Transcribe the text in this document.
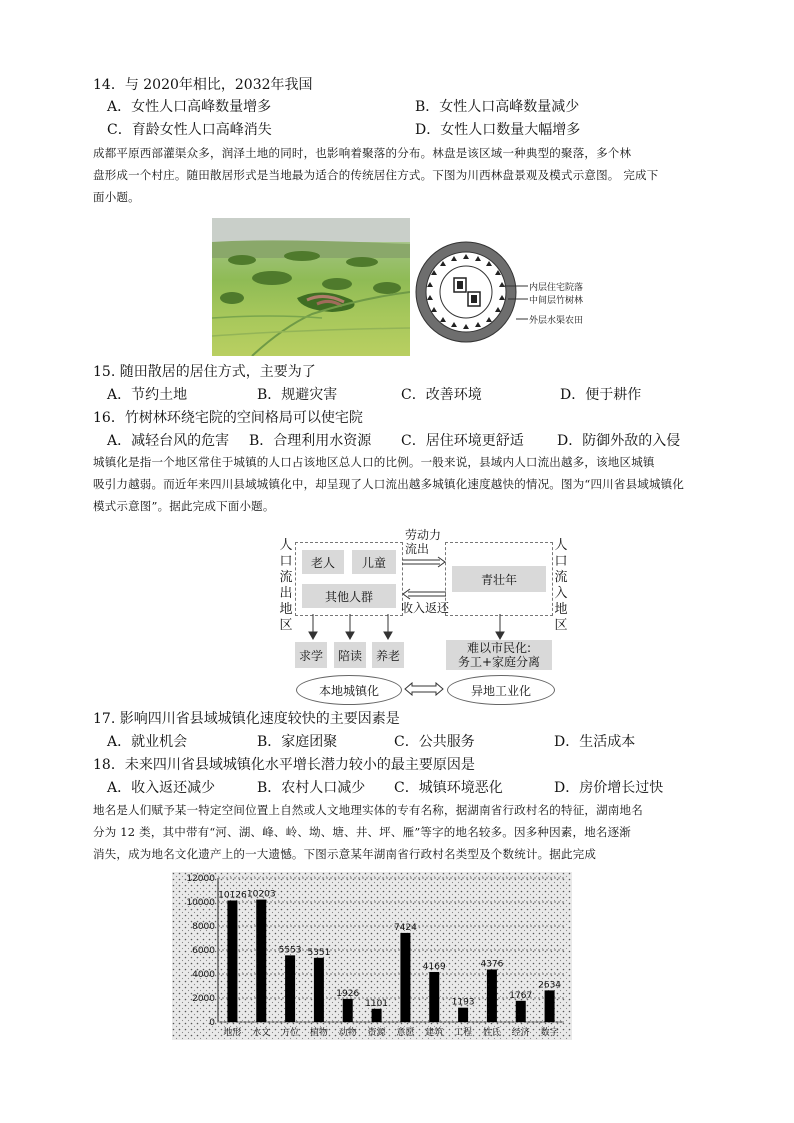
14．与 2020年相比，2032年我国
A．女性人口高峰数量增多	B．女性人口高峰数量减少
C．育龄女性人口高峰消失	D．女性人口数量大幅增多
成都平原西部灌渠众多，润泽土地的同时，也影响着聚落的分布。林盘是该区域一种典型的聚落，多个林
盘形成一个村庄。随田散居形式是当地最为适合的传统居住方式。下图为川西林盘景观及模式示意图。 完成下
面小题。
内层住宅院落
中间层竹树林
外层水渠农田
15. 随田散居的居住方式，主要为了
A．节约土地	B．规避灾害	C．改善环境	D．便于耕作
16．竹树林环绕宅院的空间格局可以使宅院
A．减轻台风的危害 B．合理利用水资源 C．居住环境更舒适 D．防御外敌的入侵
城镇化是指一个地区常住于城镇的人口占该地区总人口的比例。一般来说，县域内人口流出越多，该地区城镇
吸引力越弱。而近年来四川县域城镇化中，却呈现了人口流出越多城镇化速度越快的情况。图为“四川省县域城镇化
模式示意图”。据此完成下面小题。
人口流出地区
人口流入地区
老人	儿童
其他人群
青壮年
劳动力流出
收入返还
求学	陪读	养老
难以市民化:
务工+家庭分离
本地城镇化	异地工业化
17. 影响四川省县域城镇化速度较快的主要因素是
A．就业机会	B．家庭团聚	C．公共服务	D．生活成本
18．未来四川省县域城镇化水平增长潜力较小的最主要原因是
A．收入返还减少	B．农村人口减少 C．城镇环境恶化	D．房价增长过快
地名是人们赋予某一特定空间位置上自然或人文地理实体的专有名称，据湖南省行政村名的特征，湖南地名
分为 12 类，其中带有“河、湖、峰、岭、坳、塘、井、坪、雁”等字的地名较多。因多种因素，地名逐渐
消失，成为地名文化遗产上的一大遗憾。下图示意某年湖南省行政村名类型及个数统计。据此完成
0
2000
4000
6000
8000
10000
12000
10126
地形
10203
水文
5553
方位
5351
植物
1926
动物
1101
资源
7424
意愿
4169
建筑
1193
工程
4376
姓氏
1767
经济
2634
数字
